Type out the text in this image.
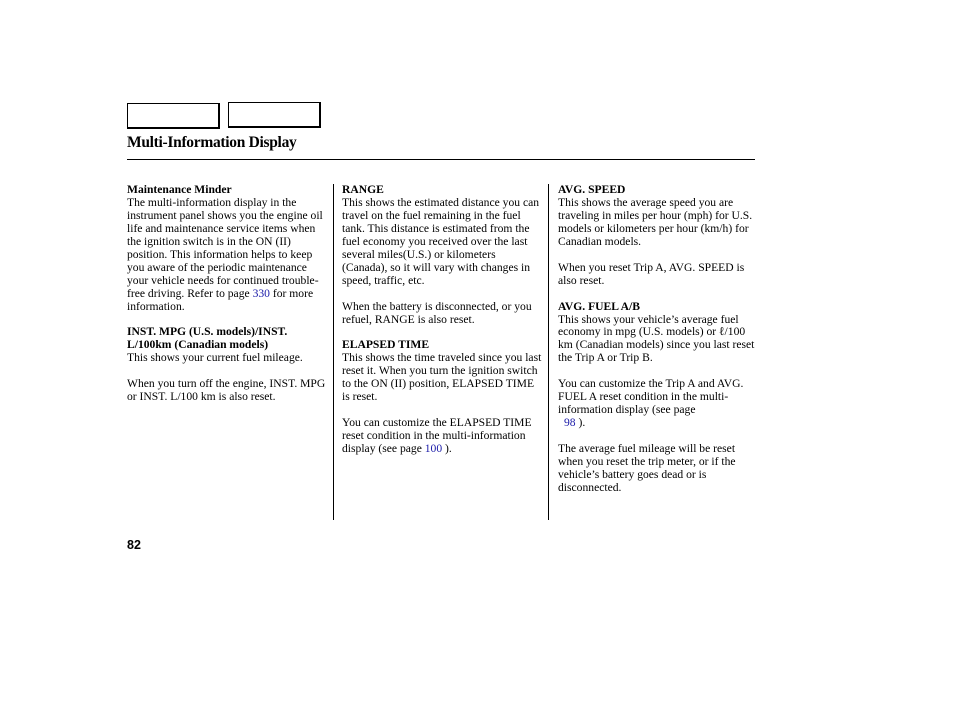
Multi-Information Display
Maintenance Minder

The multi-information display in the instrument panel shows you the engine oil life and maintenance service items when the ignition switch is in the ON (II) position. This information helps to keep you aware of the periodic maintenance your vehicle needs for continued trouble-free driving. Refer to page 330 for more information.

INST. MPG (U.S. models)/INST.
L/100km (Canadian models)

This shows your current fuel mileage.

When you turn off the engine, INST. MPG or INST. L/100 km is also reset.

RANGE

This shows the estimated distance you can travel on the fuel remaining in the fuel tank. This distance is estimated from the fuel economy you received over the last several miles(U.S.) or kilometers (Canada), so it will vary with changes in speed, traffic, etc.

When the battery is disconnected, or you refuel, RANGE is also reset.

ELAPSED TIME

This shows the time traveled since you last reset it. When you turn the ignition switch to the ON (II) position, ELAPSED TIME is reset.

You can customize the ELAPSED TIME reset condition in the multi-information display (see page 100 ).

AVG. SPEED

This shows the average speed you are traveling in miles per hour (mph) for U.S. models or kilometers per hour (km/h) for Canadian models.

When you reset Trip A, AVG. SPEED is also reset.

AVG. FUEL A/B

This shows your vehicle’s average fuel economy in mpg (U.S. models) or ℓ/100 km (Canadian models) since you last reset the Trip A or Trip B.

You can customize the Trip A and AVG. FUEL A reset condition in the multi-information display (see page
98 ).

The average fuel mileage will be reset when you reset the trip meter, or if the vehicle’s battery goes dead or is disconnected.

82
